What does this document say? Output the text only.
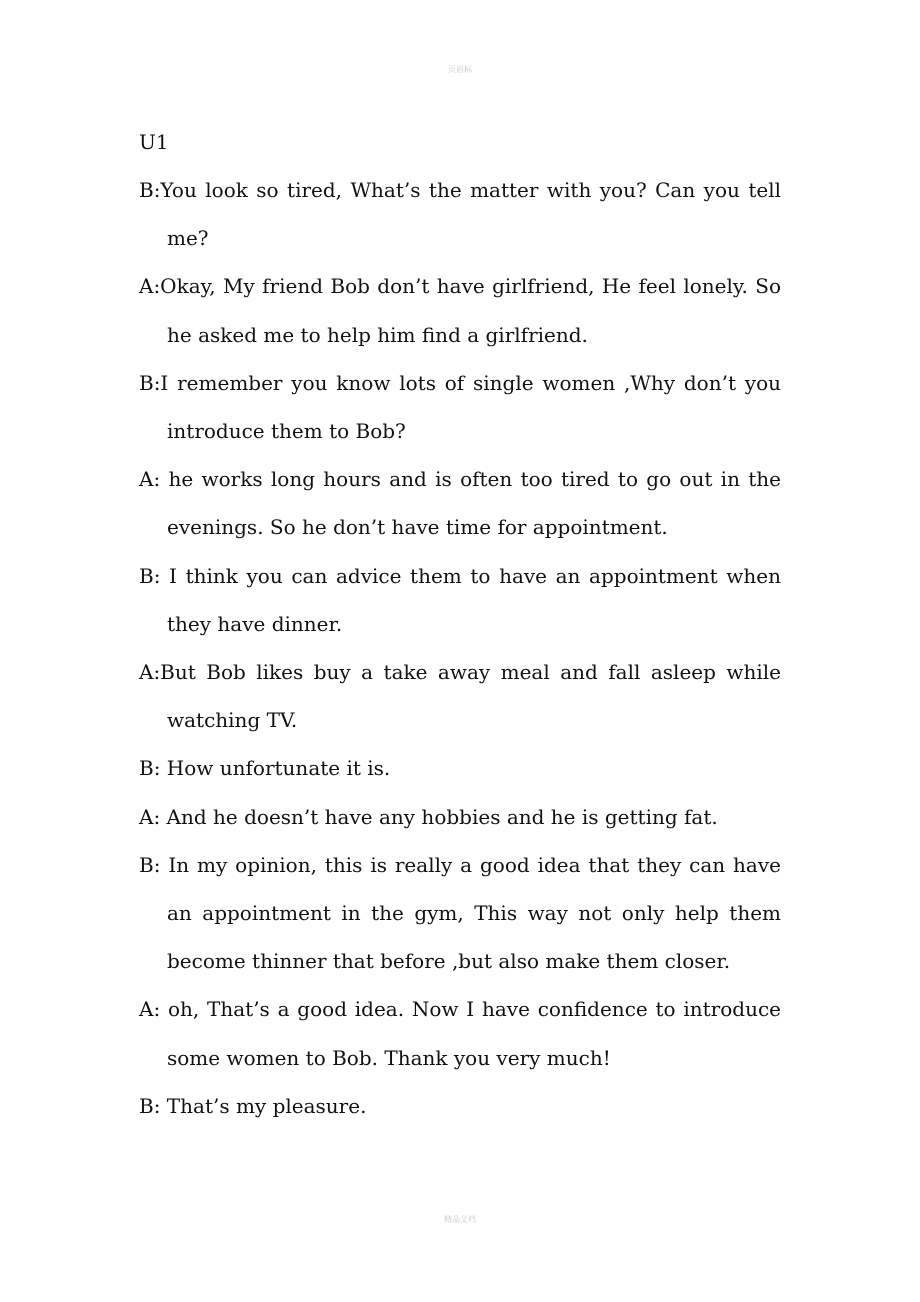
页眉标

U1

B:You look so tired, What’s the matter with you? Can you tell me?

A:Okay, My friend Bob don’t have girlfriend, He feel lonely. So he asked me to help him find a girlfriend.

B:I remember you know lots of single women ,Why don’t you introduce them to Bob?

A: he works long hours and is often too tired to go out in the evenings. So he don’t have time for appointment.

B: I think you can advice them to have an appointment when they have dinner.

A:But Bob likes buy a take away meal and fall asleep while watching TV.

B: How unfortunate it is.

A: And he doesn’t have any hobbies and he is getting fat.

B: In my opinion, this is really a good idea that they can have an appointment in the gym, This way not only help them become thinner that before ,but also make them closer.

A: oh, That’s a good idea. Now I have confidence to introduce some women to Bob. Thank you very much!

B: That’s my pleasure.

精品文档
